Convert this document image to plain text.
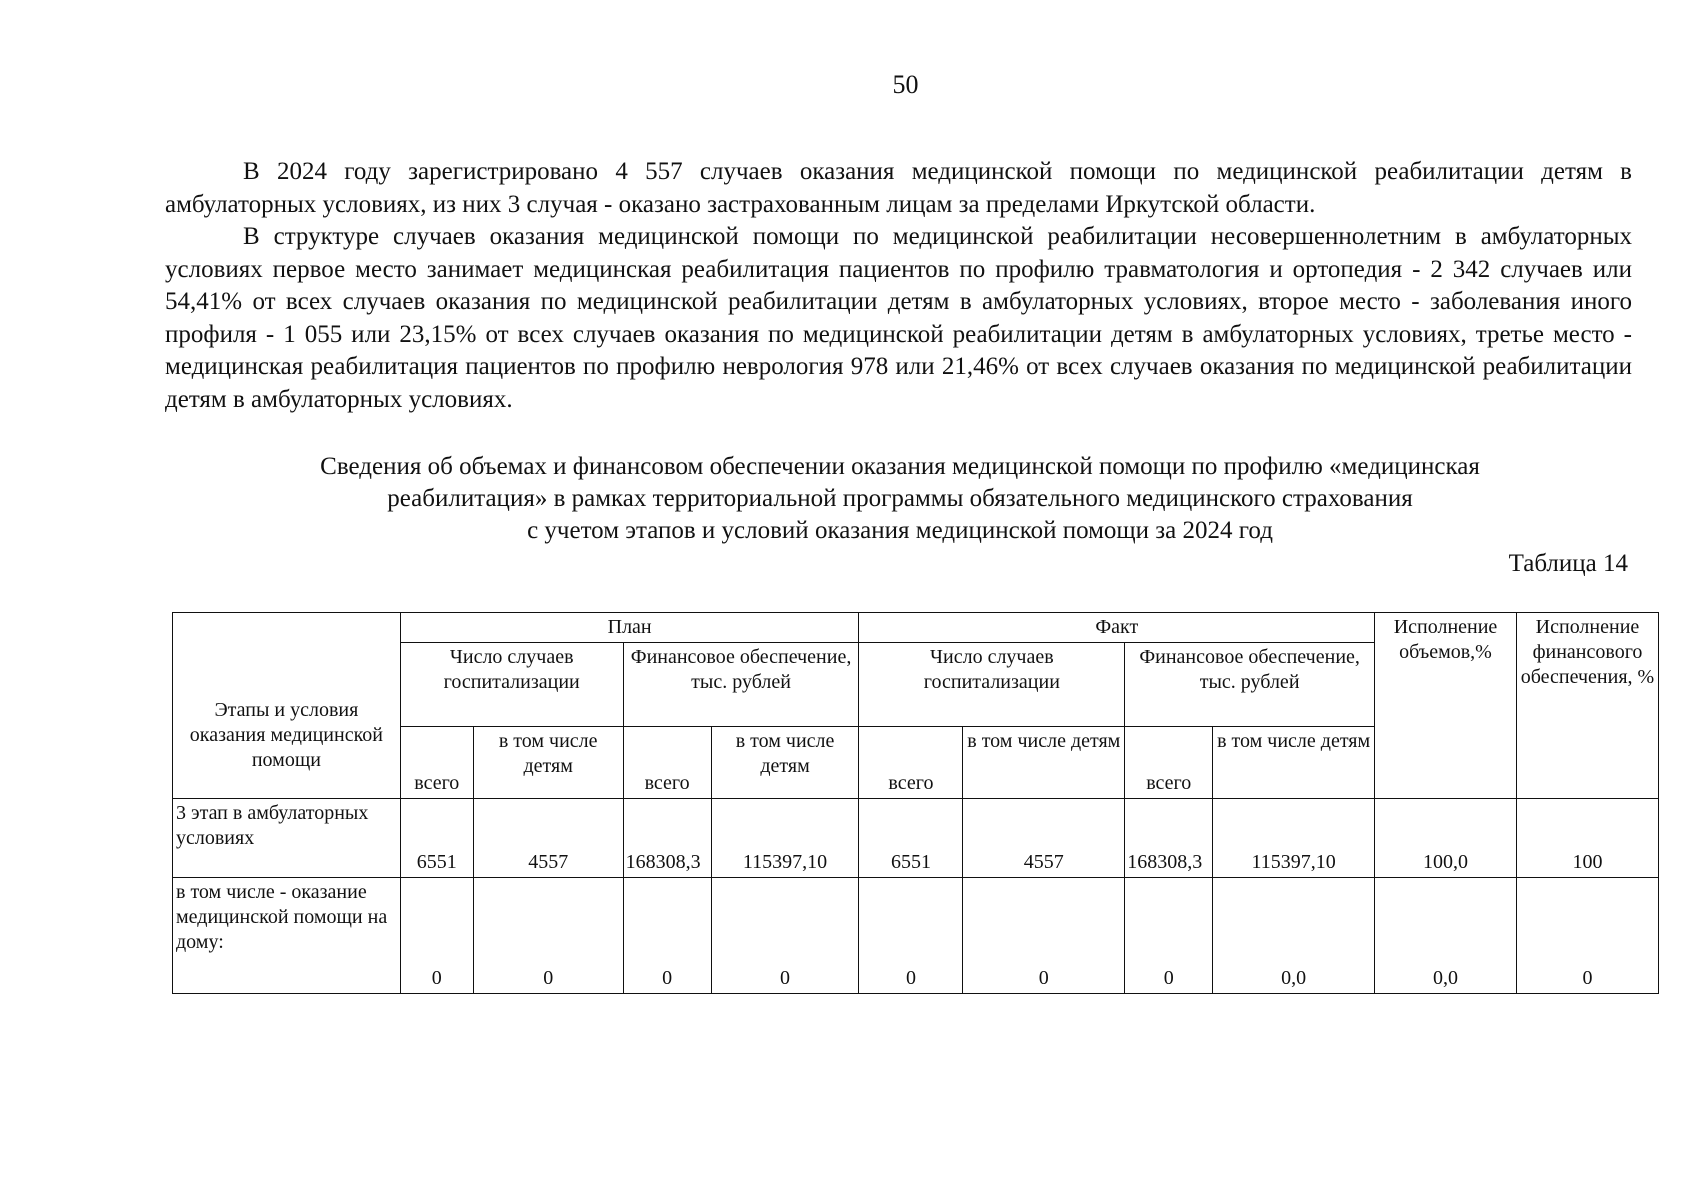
50

В 2024 году зарегистрировано 4 557 случаев оказания медицинской помощи по медицинской реабилитации детям в амбулаторных условиях, из них 3 случая - оказано застрахованным лицам за пределами Иркутской области.

В структуре случаев оказания медицинской помощи по медицинской реабилитации несовершеннолетним в амбулаторных условиях первое место занимает медицинская реабилитация пациентов по профилю травматология и ортопедия - 2 342 случаев или 54,41% от всех случаев оказания по медицинской реабилитации детям в амбулаторных условиях, второе место - заболевания иного профиля - 1 055 или 23,15% от всех случаев оказания по медицинской реабилитации детям в амбулаторных условиях, третье место - медицинская реабилитация пациентов по профилю неврология 978 или 21,46% от всех случаев оказания по медицинской реабилитации детям в амбулаторных условиях.

Сведения об объемах и финансовом обеспечении оказания медицинской помощи по профилю «медицинская
реабилитация» в рамках территориальной программы обязательного медицинского страхования
с учетом этапов и условий оказания медицинской помощи за 2024 год
Таблица 14
Этапы и условия оказания медицинской помощи	План				Факт				Исполнение объемов,%	Исполнение финансового обеспечения, %
	Число случаев госпитализации		Финансовое обеспечение, тыс. рублей		Число случаев госпитализации		Финансовое обеспечение, тыс. рублей			
	всего	в том числе детям	всего	в том числе детям	всего	в том числе детям	всего	в том числе детям		
3 этап в амбулаторных условиях	6551	4557	168308,3	115397,10	6551	4557	168308,3	115397,10	100,0	100
в том числе - оказание медицинской помощи на дому:	0	0	0	0	0	0	0	0,0	0,0	0
